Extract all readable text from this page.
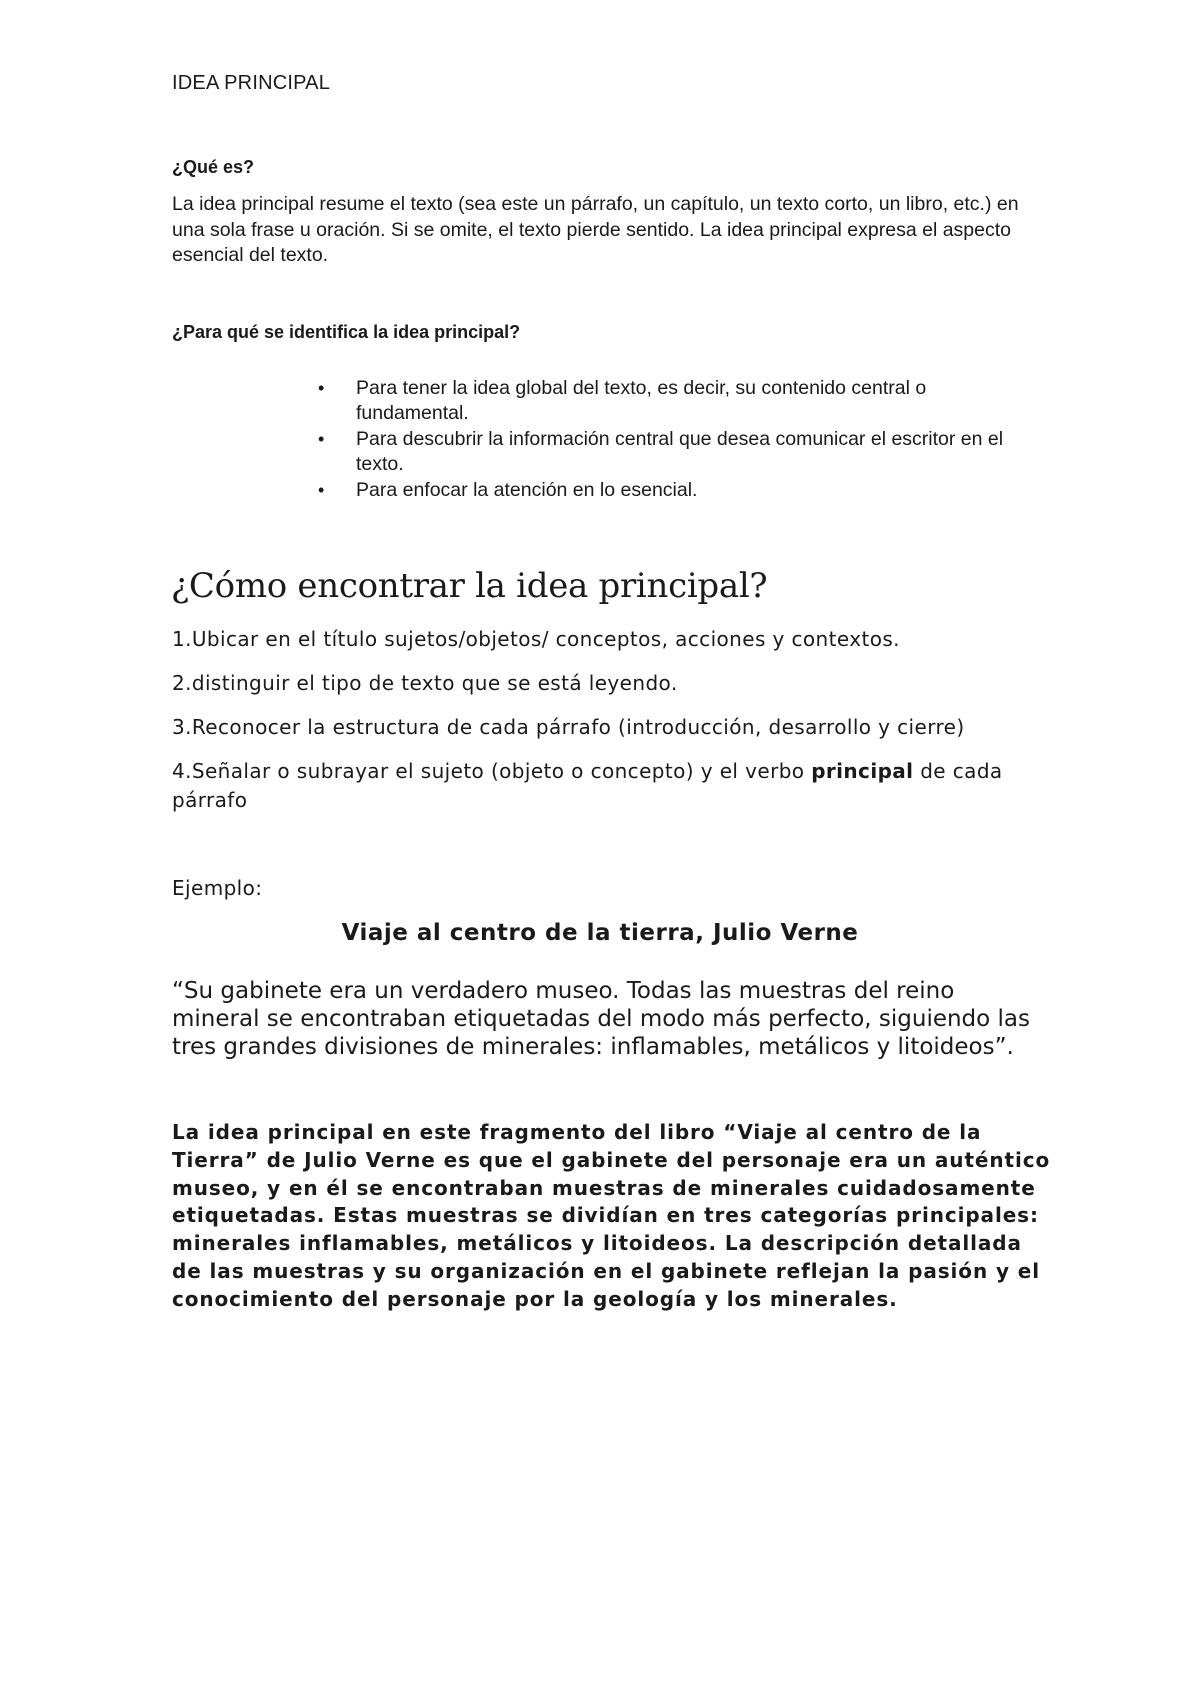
IDEA PRINCIPAL

¿Qué es?

La idea principal resume el texto (sea este un párrafo, un capítulo, un texto corto, un libro, etc.) en una sola frase u oración. Si se omite, el texto pierde sentido. La idea principal expresa el aspecto esencial del texto.

¿Para qué se identifica la idea principal?

• Para tener la idea global del texto, es decir, su contenido central o fundamental.
• Para descubrir la información central que desea comunicar el escritor en el texto.
• Para enfocar la atención en lo esencial.
¿Cómo encontrar la idea principal?

1.Ubicar en el título sujetos/objetos/ conceptos, acciones y contextos.

2.distinguir el tipo de texto que se está leyendo.

3.Reconocer la estructura de cada párrafo (introducción, desarrollo y cierre)

4.Señalar o subrayar el sujeto (objeto o concepto) y el verbo principal de cada párrafo

Ejemplo:

Viaje al centro de la tierra, Julio Verne

“Su gabinete era un verdadero museo. Todas las muestras del reino mineral se encontraban etiquetadas del modo más perfecto, siguiendo las tres grandes divisiones de minerales: inflamables, metálicos y litoideos”.

La idea principal en este fragmento del libro “Viaje al centro de la Tierra” de Julio Verne es que el gabinete del personaje era un auténtico museo, y en él se encontraban muestras de minerales cuidadosamente etiquetadas. Estas muestras se dividían en tres categorías principales: minerales inflamables, metálicos y litoideos. La descripción detallada de las muestras y su organización en el gabinete reflejan la pasión y el conocimiento del personaje por la geología y los minerales.
